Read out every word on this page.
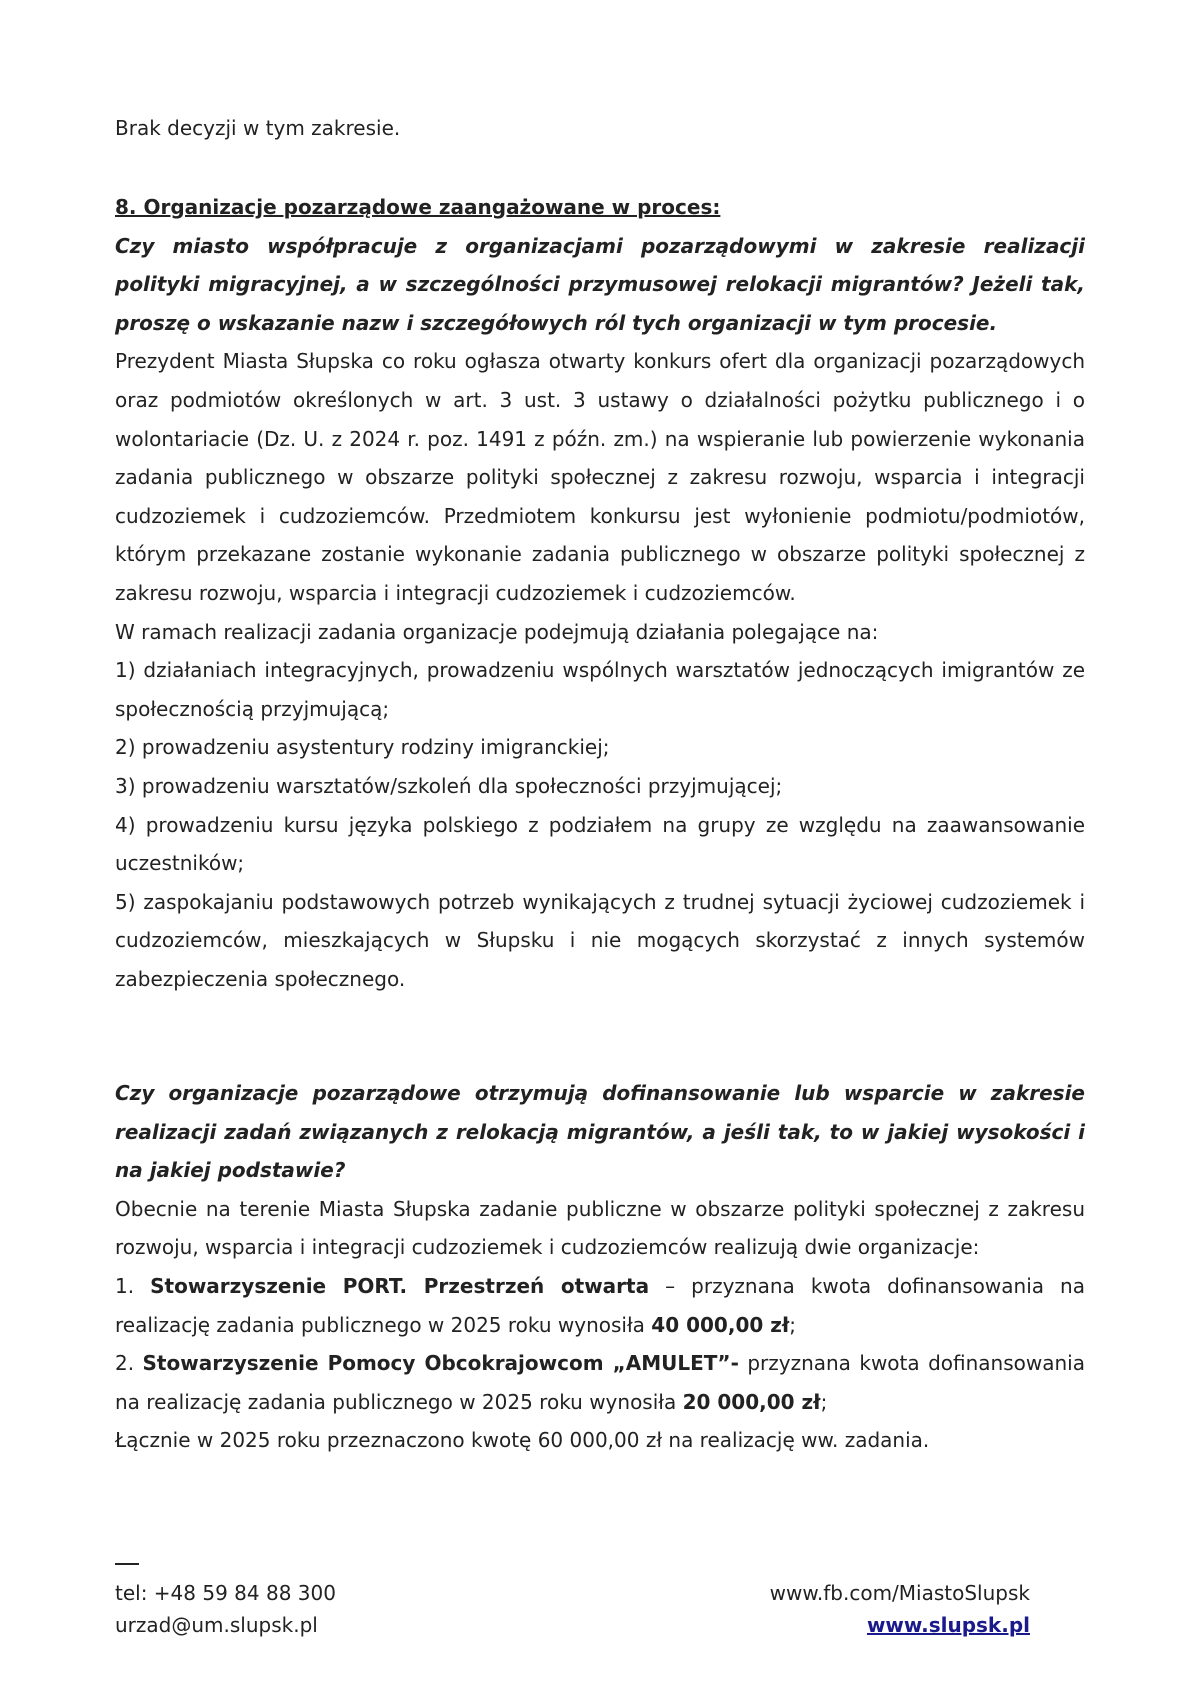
Brak decyzji w tym zakresie.

8. Organizacje pozarządowe zaangażowane w proces:

Czy miasto współpracuje z organizacjami pozarządowymi w zakresie realizacji polityki migracyjnej, a w szczególności przymusowej relokacji migrantów? Jeżeli tak, proszę o wskazanie nazw i szczegółowych ról tych organizacji w tym procesie.

Prezydent Miasta Słupska co roku ogłasza otwarty konkurs ofert dla organizacji pozarządowych oraz podmiotów określonych w art. 3 ust. 3 ustawy o działalności pożytku publicznego i o wolontariacie (Dz. U. z 2024 r. poz. 1491 z późn. zm.) na wspieranie lub powierzenie wykonania zadania publicznego w obszarze polityki społecznej z zakresu rozwoju, wsparcia i integracji cudzoziemek i cudzoziemców. Przedmiotem konkursu jest wyłonienie podmiotu/podmiotów, którym przekazane zostanie wykonanie zadania publicznego w obszarze polityki społecznej z zakresu rozwoju, wsparcia i integracji cudzoziemek i cudzoziemców.

W ramach realizacji zadania organizacje podejmują działania polegające na:

1) działaniach integracyjnych, prowadzeniu wspólnych warsztatów jednoczących imigrantów ze społecznością przyjmującą;

2) prowadzeniu asystentury rodziny imigranckiej;

3) prowadzeniu warsztatów/szkoleń dla społeczności przyjmującej;

4) prowadzeniu kursu języka polskiego z podziałem na grupy ze względu na zaawansowanie uczestników;

5) zaspokajaniu podstawowych potrzeb wynikających z trudnej sytuacji życiowej cudzoziemek i cudzoziemców, mieszkających w Słupsku i nie mogących skorzystać z innych systemów zabezpieczenia społecznego.

Czy organizacje pozarządowe otrzymują dofinansowanie lub wsparcie w zakresie realizacji zadań związanych z relokacją migrantów, a jeśli tak, to w jakiej wysokości i na jakiej podstawie?

Obecnie na terenie Miasta Słupska zadanie publiczne w obszarze polityki społecznej z zakresu rozwoju, wsparcia i integracji cudzoziemek i cudzoziemców realizują dwie organizacje:

1. Stowarzyszenie PORT. Przestrzeń otwarta – przyznana kwota dofinansowania na realizację zadania publicznego w 2025 roku wynosiła 40 000,00 zł;

2. Stowarzyszenie Pomocy Obcokrajowcom „AMULET”- przyznana kwota dofinansowania na realizację zadania publicznego w 2025 roku wynosiła 20 000,00 zł;

Łącznie w 2025 roku przeznaczono kwotę 60 000,00 zł na realizację ww. zadania.

tel: +48 59 84 88 300
urzad@um.slupsk.pl
www.fb.com/MiastoSlupsk
www.slupsk.pl
